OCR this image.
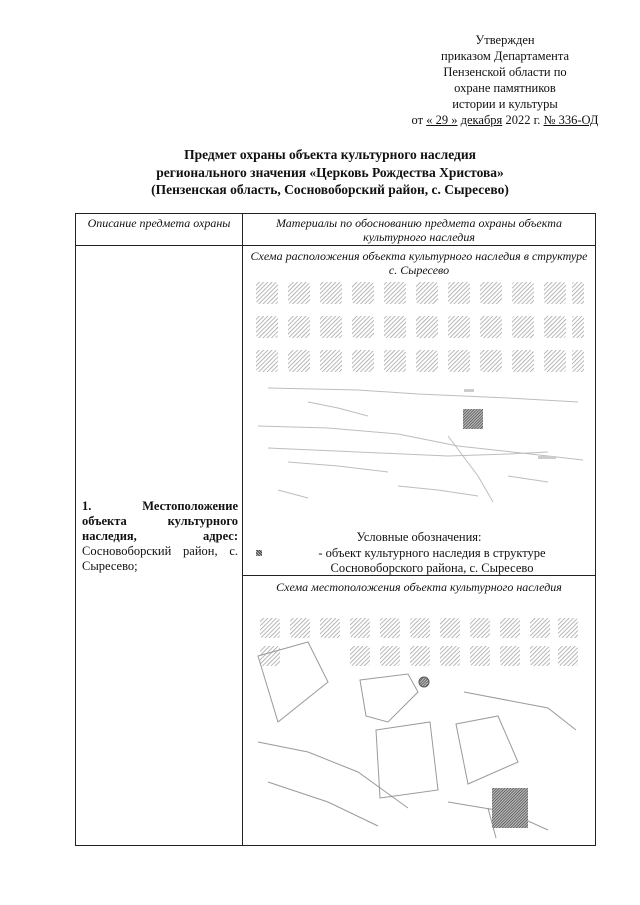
Утвержден
приказом Департамента
Пензенской области по
охране памятников
истории и культуры
от « 29 » декабря 2022 г. № 336-ОД
Предмет охраны объекта культурного наследия
регионального значения «Церковь Рождества Христова»
(Пензенская область, Сосновоборский район, с. Сыресево)
Описание предмета охраны	Материалы по обоснованию предмета охраны объекта культурного наследия
Схема расположения объекта культурного наследия в структуре с. Сыресево
1. Местоположение объекта культурного наследия, адрес: Сосновоборский район, с. Сыресево;
Условные обозначения:
- объект культурного наследия в структуре Сосновоборского района, с. Сыресево
Схема местоположения объекта культурного наследия
